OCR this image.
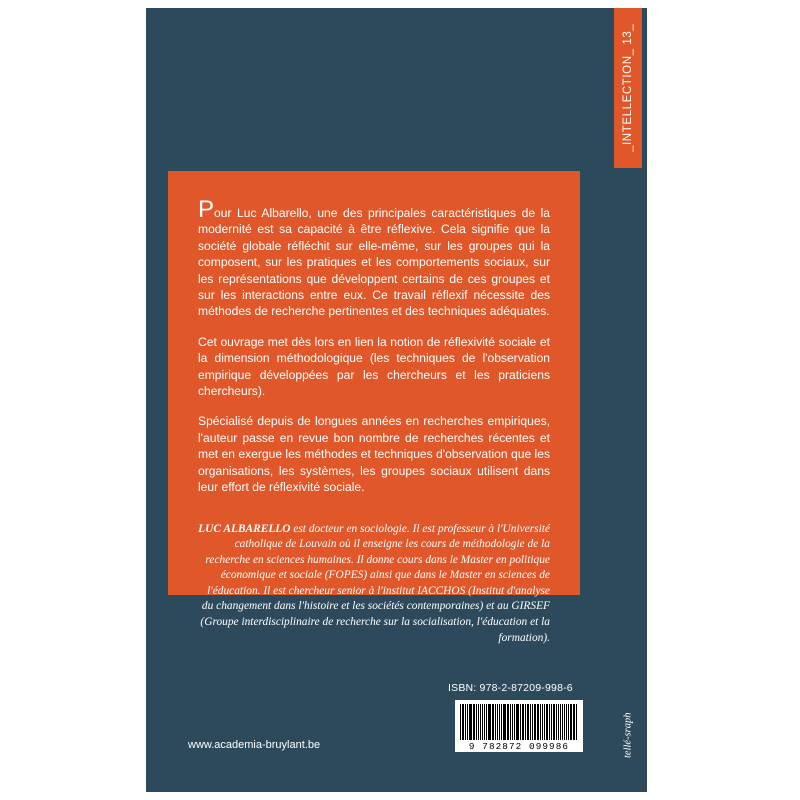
_INTELLECTION_ 13_
tellé-sraph

Pour Luc Albarello, une des principales caractéristiques de la modernité est sa capacité à être réflexive. Cela signifie que la société globale réfléchit sur elle-même, sur les groupes qui la composent, sur les pratiques et les comportements sociaux, sur les représentations que développent certains de ces groupes et sur les interactions entre eux. Ce travail réflexif nécessite des méthodes de recherche pertinentes et des techniques adéquates.

Cet ouvrage met dès lors en lien la notion de réflexivité sociale et la dimension méthodologique (les techniques de l'observation empirique développées par les chercheurs et les praticiens chercheurs).

Spécialisé depuis de longues années en recherches empiriques, l'auteur passe en revue bon nombre de recherches récentes et met en exergue les méthodes et techniques d'observation que les organisations, les systèmes, les groupes sociaux utilisent dans leur effort de réflexivité sociale.

LUC ALBARELLO est docteur en sociologie. Il est professeur à l'Université catholique de Louvain où il enseigne les cours de méthodologie de la recherche en sciences humaines. Il donne cours dans le Master en politique économique et sociale (FOPES) ainsi que dans le Master en sciences de l'éducation. Il est chercheur senior à l'institut IACCHOS (Institut d'analyse du changement dans l'histoire et les sociétés contemporaines) et au GIRSEF (Groupe interdisciplinaire de recherche sur la socialisation, l'éducation et la formation).
ISBN: 978-2-87209-998-6
9 782872 099986
www.academia-bruylant.be
